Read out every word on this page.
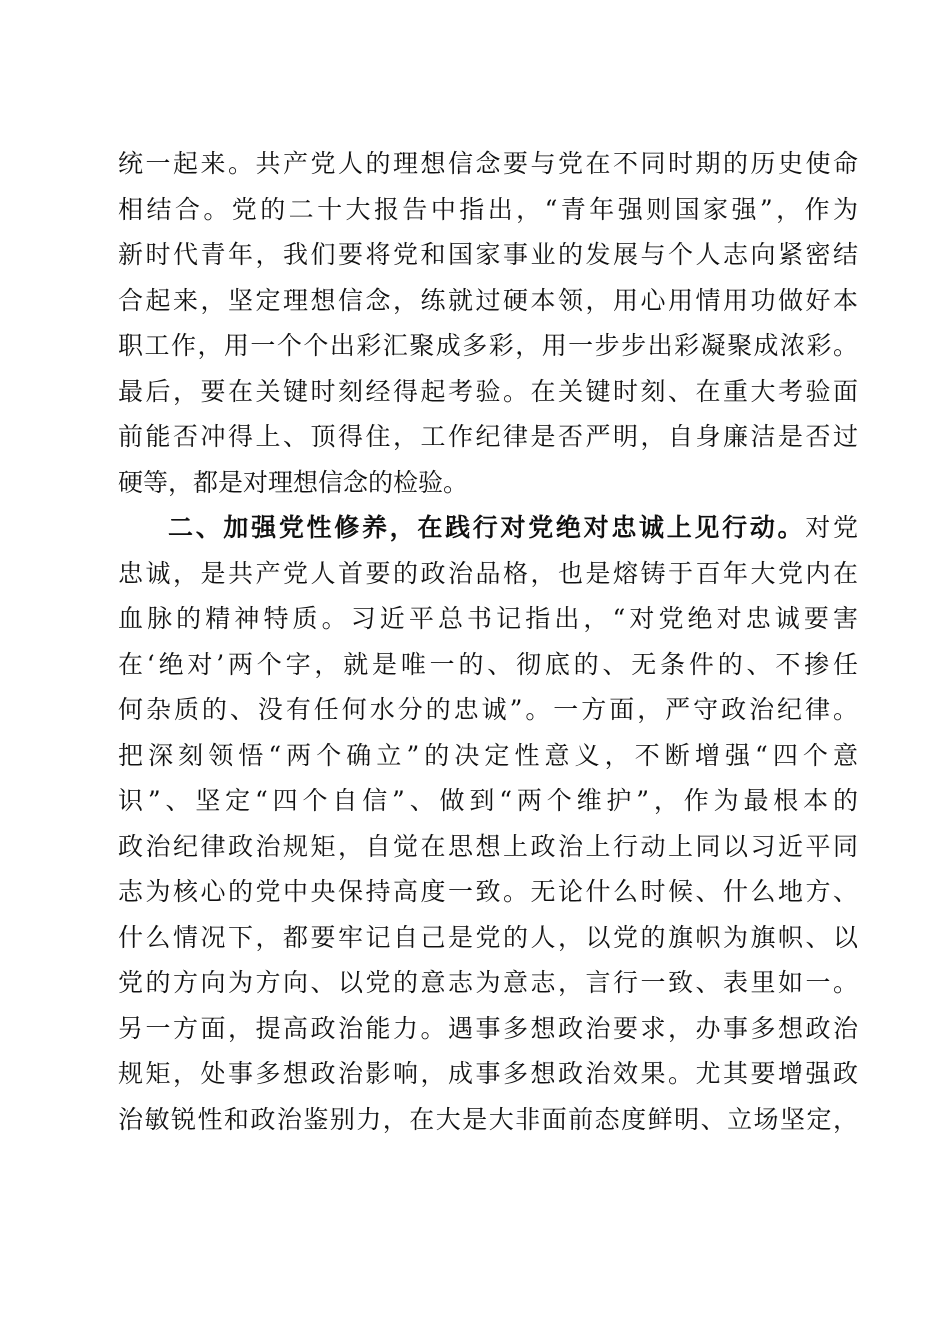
统一起来。共产党人的理想信念要与党在不同时期的历史使命
相结合。党的二十大报告中指出，“青年强则国家强”，作为
新时代青年，我们要将党和国家事业的发展与个人志向紧密结
合起来，坚定理想信念，练就过硬本领，用心用情用功做好本
职工作，用一个个出彩汇聚成多彩，用一步步出彩凝聚成浓彩。
最后，要在关键时刻经得起考验。在关键时刻、在重大考验面
前能否冲得上、顶得住，工作纪律是否严明，自身廉洁是否过
硬等，都是对理想信念的检验。
二、加强党性修养，在践行对党绝对忠诚上见行动。对党
忠诚，是共产党人首要的政治品格，也是熔铸于百年大党内在
血脉的精神特质。习近平总书记指出，“对党绝对忠诚要害
在‘绝对’两个字，就是唯一的、彻底的、无条件的、不掺任
何杂质的、没有任何水分的忠诚”。一方面，严守政治纪律。
把深刻领悟“两个确立”的决定性意义，不断增强“四个意
识”、坚定“四个自信”、做到“两个维护”，作为最根本的
政治纪律政治规矩，自觉在思想上政治上行动上同以习近平同
志为核心的党中央保持高度一致。无论什么时候、什么地方、
什么情况下，都要牢记自己是党的人，以党的旗帜为旗帜、以
党的方向为方向、以党的意志为意志，言行一致、表里如一。
另一方面，提高政治能力。遇事多想政治要求，办事多想政治
规矩，处事多想政治影响，成事多想政治效果。尤其要增强政
治敏锐性和政治鉴别力，在大是大非面前态度鲜明、立场坚定，
